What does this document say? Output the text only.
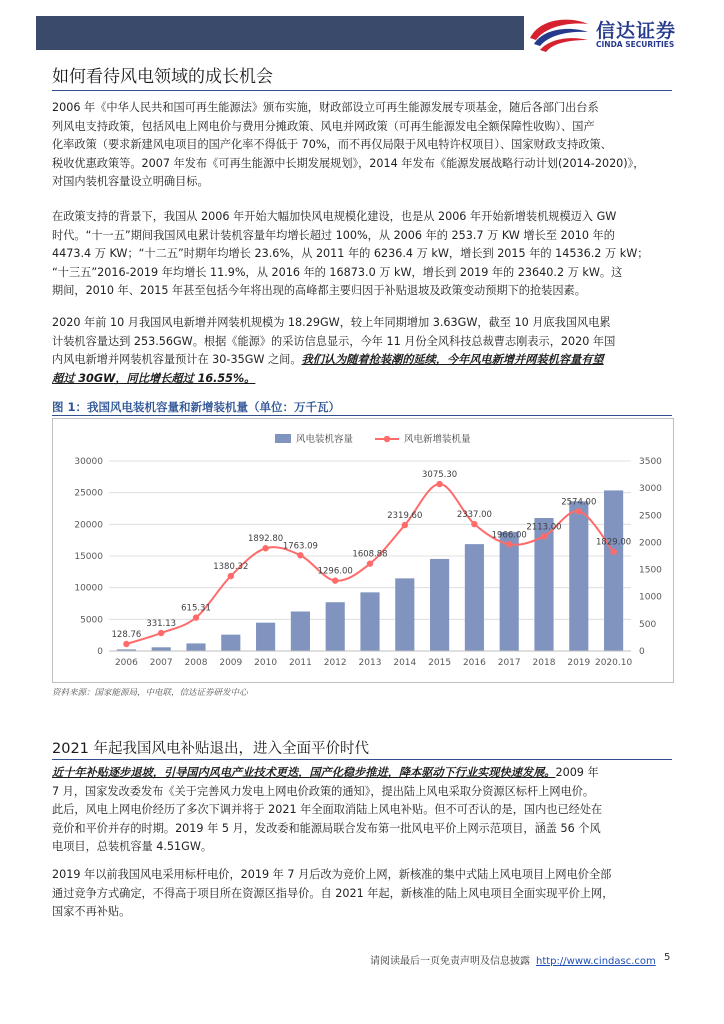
信达证券
CINDA SECURITIES
如何看待风电领域的成长机会
2006 年《中华人民共和国可再生能源法》颁布实施，财政部设立可再生能源发展专项基金，随后各部门出台系
列风电支持政策，包括风电上网电价与费用分摊政策、风电并网政策（可再生能源发电全额保障性收购）、国产
化率政策（要求新建风电项目的国产化率不得低于 70%，而不再仅局限于风电特许权项目）、国家财政支持政策、
税收优惠政策等。2007 年发布《可再生能源中长期发展规划》，2014 年发布《能源发展战略行动计划(2014-2020)》，
对国内装机容量设立明确目标。
在政策支持的背景下，我国从 2006 年开始大幅加快风电规模化建设，也是从 2006 年开始新增装机规模迈入 GW
时代。“十一五”期间我国风电累计装机容量年均增长超过 100%，从 2006 年的 253.7 万 KW 增长至 2010 年的
4473.4 万 KW；“十二五”时期年均增长 23.6%，从 2011 年的 6236.4 万 kW，增长到 2015 年的 14536.2 万 kW；
“十三五”2016-2019 年均增长 11.9%，从 2016 年的 16873.0 万 kW，增长到 2019 年的 23640.2 万 kW。这
期间，2010 年、2015 年甚至包括今年将出现的高峰都主要归因于补贴退坡及政策变动预期下的抢装因素。
2020 年前 10 月我国风电新增并网装机规模为 18.29GW，较上年同期增加 3.63GW，截至 10 月底我国风电累
计装机容量达到 253.56GW。根据《能源》的采访信息显示，今年 11 月份全风科技总裁曹志刚表示，2020 年国
内风电新增并网装机容量预计在 30-35GW 之间。我们认为随着抢装潮的延续，今年风电新增并网装机容量有望
超过 30GW，同比增长超过 16.55%。
图 1：我国风电装机容量和新增装机量（单位：万千瓦）
0
5000
10000
15000
20000
25000
30000
0
500
1000
1500
2000
2500
3000
3500
2006 2007 2008 2009 2010 2011 2012 2013 2014 2015 2016 2017 2018 2019 2020.10
128.76
331.13
615.31
1380.32
1892.80
1763.09
1296.00
1608.88
2319.60
3075.30
2337.00
1966.00
2113.00
2574.00
1829.00
风电装机容量	风电新增装机量
资料来源：国家能源局，中电联，信达证券研发中心
2021 年起我国风电补贴退出，进入全面平价时代
近十年补贴逐步退坡，引导国内风电产业技术更迭，国产化稳步推进，降本驱动下行业实现快速发展。2009 年
7 月，国家发改委发布《关于完善风力发电上网电价政策的通知》，提出陆上风电采取分资源区标杆上网电价。
此后，风电上网电价经历了多次下调并将于 2021 年全面取消陆上风电补贴。但不可否认的是，国内也已经处在
竞价和平价并存的时期。2019 年 5 月，发改委和能源局联合发布第一批风电平价上网示范项目，涵盖 56 个风
电项目，总装机容量 4.51GW。
2019 年以前我国风电采用标杆电价，2019 年 7 月后改为竞价上网，新核准的集中式陆上风电项目上网电价全部
通过竞争方式确定，不得高于项目所在资源区指导价。自 2021 年起，新核准的陆上风电项目全面实现平价上网，
国家不再补贴。
请阅读最后一页免责声明及信息披露 http://www.cindasc.com 5
